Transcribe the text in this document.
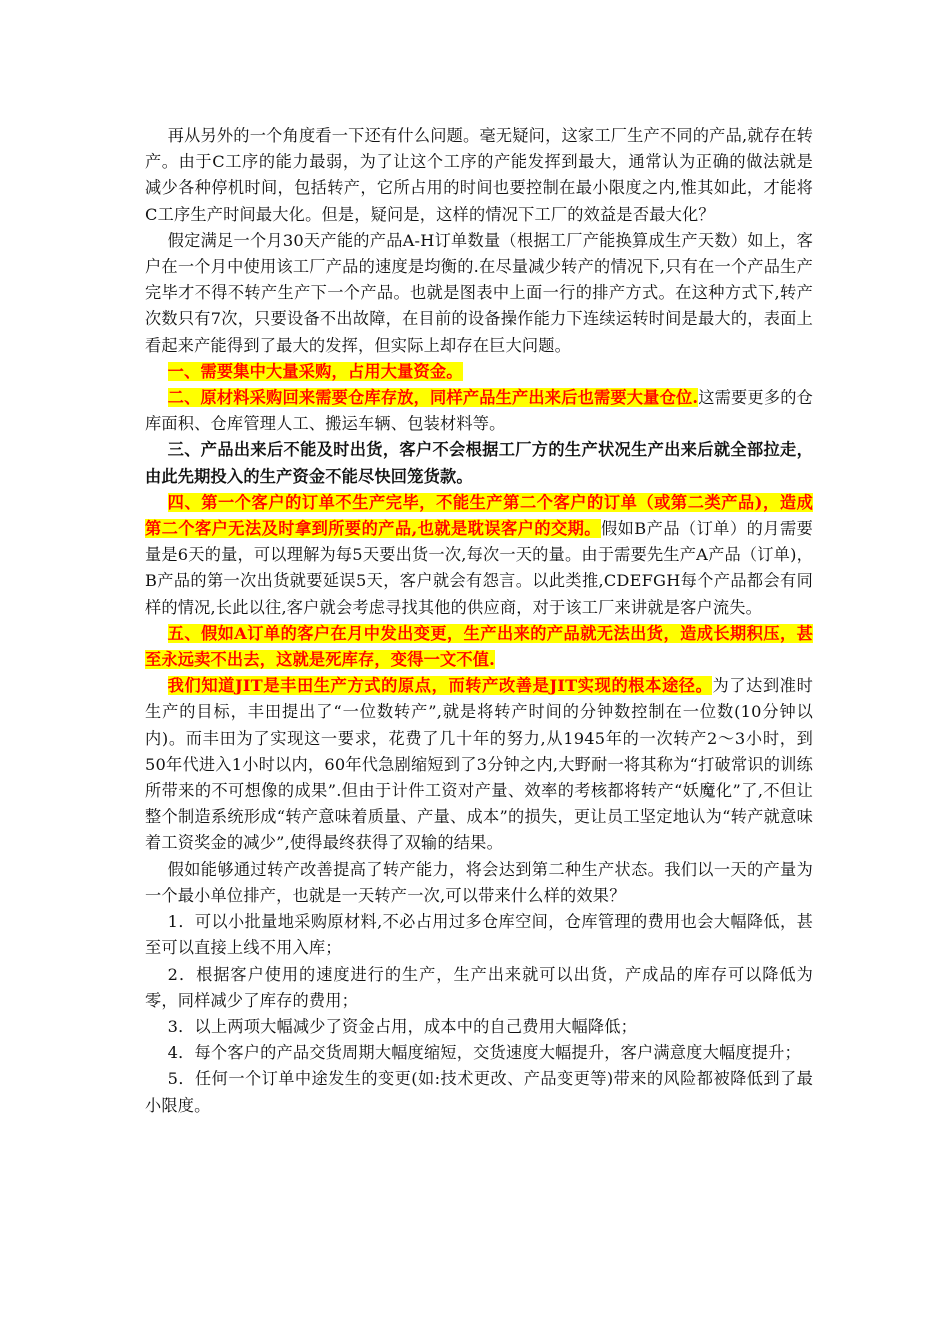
再从另外的一个角度看一下还有什么问题。毫无疑问，这家工厂生产不同的产品,就存在转产。由于C工序的能力最弱，为了让这个工序的产能发挥到最大，通常认为正确的做法就是减少各种停机时间，包括转产，它所占用的时间也要控制在最小限度之内,惟其如此，才能将C工序生产时间最大化。但是，疑问是，这样的情况下工厂的效益是否最大化？

假定满足一个月30天产能的产品A-H订单数量（根据工厂产能换算成生产天数）如上，客户在一个月中使用该工厂产品的速度是均衡的.在尽量减少转产的情况下,只有在一个产品生产完毕才不得不转产生产下一个产品。也就是图表中上面一行的排产方式。在这种方式下,转产次数只有7次，只要设备不出故障，在目前的设备操作能力下连续运转时间是最大的，表面上看起来产能得到了最大的发挥，但实际上却存在巨大问题。

一、需要集中大量采购，占用大量资金。

二、原材料采购回来需要仓库存放，同样产品生产出来后也需要大量仓位.这需要更多的仓库面积、仓库管理人工、搬运车辆、包装材料等。

三、产品出来后不能及时出货，客户不会根据工厂方的生产状况生产出来后就全部拉走，由此先期投入的生产资金不能尽快回笼货款。

四、第一个客户的订单不生产完毕，不能生产第二个客户的订单（或第二类产品)，造成第二个客户无法及时拿到所要的产品,也就是耽误客户的交期。假如B产品（订单）的月需要量是6天的量，可以理解为每5天要出货一次,每次一天的量。由于需要先生产A产品（订单)，B产品的第一次出货就要延误5天，客户就会有怨言。以此类推,CDEFGH每个产品都会有同样的情况,长此以往,客户就会考虑寻找其他的供应商，对于该工厂来讲就是客户流失。

五、假如A订单的客户在月中发出变更，生产出来的产品就无法出货，造成长期积压，甚至永远卖不出去，这就是死库存，变得一文不值.

我们知道JIT是丰田生产方式的原点，而转产改善是JIT实现的根本途径。为了达到准时生产的目标，丰田提出了“一位数转产”,就是将转产时间的分钟数控制在一位数(10分钟以内)。而丰田为了实现这一要求，花费了几十年的努力,从1945年的一次转产2～3小时，到50年代进入1小时以内，60年代急剧缩短到了3分钟之内,大野耐一将其称为“打破常识的训练所带来的不可想像的成果”.但由于计件工资对产量、效率的考核都将转产“妖魔化”了,不但让整个制造系统形成“转产意味着质量、产量、成本”的损失，更让员工坚定地认为“转产就意味着工资奖金的减少”,使得最终获得了双输的结果。

假如能够通过转产改善提高了转产能力，将会达到第二种生产状态。我们以一天的产量为一个最小单位排产，也就是一天转产一次,可以带来什么样的效果？

1．可以小批量地采购原材料,不必占用过多仓库空间，仓库管理的费用也会大幅降低，甚至可以直接上线不用入库；

2．根据客户使用的速度进行的生产，生产出来就可以出货，产成品的库存可以降低为零，同样减少了库存的费用；

3．以上两项大幅减少了资金占用，成本中的自己费用大幅降低；

4．每个客户的产品交货周期大幅度缩短，交货速度大幅提升，客户满意度大幅度提升；

5．任何一个订单中途发生的变更(如:技术更改、产品变更等)带来的风险都被降低到了最小限度。
